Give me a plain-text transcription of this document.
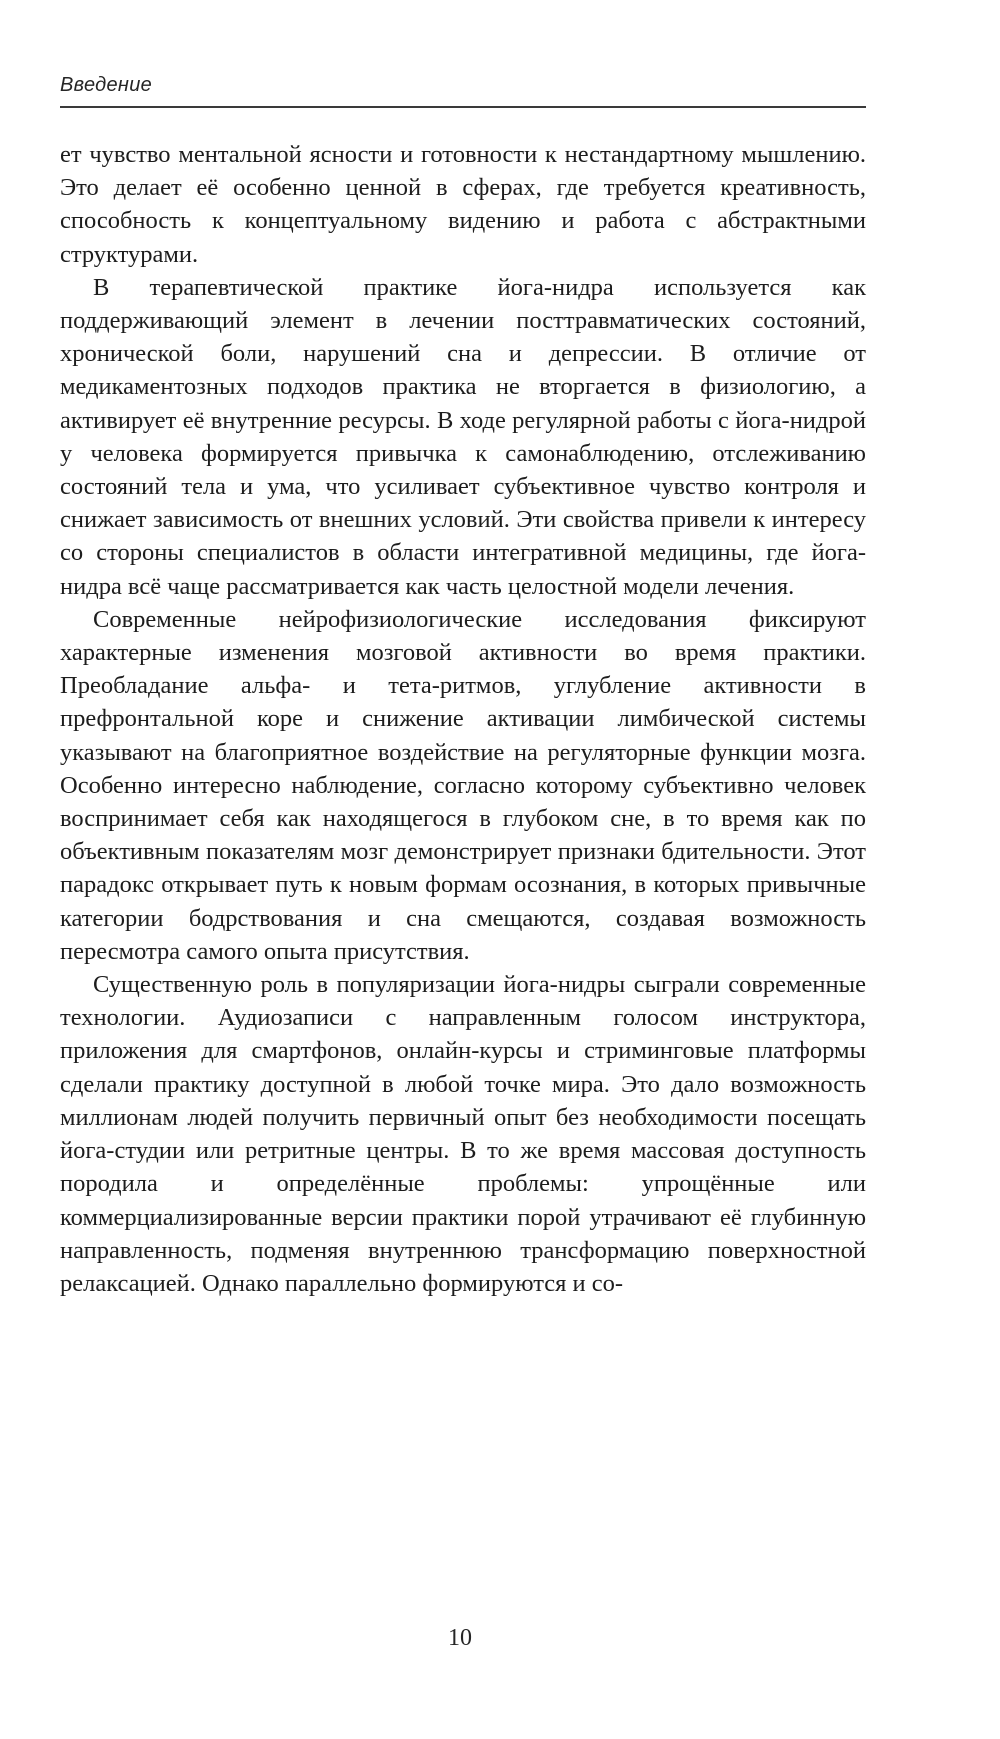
Введение

ет чувство ментальной ясности и готовности к нестандартному мышлению. Это делает её особенно ценной в сферах, где требуется креативность, способность к концептуальному видению и работа с абстрактными структурами.

В терапевтической практике йога-нидра используется как поддерживающий элемент в лечении посттравматических состояний, хронической боли, нарушений сна и депрессии. В отличие от медикаментозных подходов практика не вторгается в физиологию, а активирует её внутренние ресурсы. В ходе регулярной работы с йога-нидрой у человека формируется привычка к самонаблюдению, отслеживанию состояний тела и ума, что усиливает субъективное чувство контроля и снижает зависимость от внешних условий. Эти свойства привели к интересу со стороны специалистов в области интегративной медицины, где йога-нидра всё чаще рассматривается как часть целостной модели лечения.

Современные нейрофизиологические исследования фиксируют характерные изменения мозговой активности во время практики. Преобладание альфа- и тета-ритмов, углубление активности в префронтальной коре и снижение активации лимбической системы указывают на благоприятное воздействие на регуляторные функции мозга. Особенно интересно наблюдение, согласно которому субъективно человек воспринимает себя как находящегося в глубоком сне, в то время как по объективным показателям мозг демонстрирует признаки бдительности. Этот парадокс открывает путь к новым формам осознания, в которых привычные категории бодрствования и сна смещаются, создавая возможность пересмотра самого опыта присутствия.

Существенную роль в популяризации йога-нидры сыграли современные технологии. Аудиозаписи с направленным голосом инструктора, приложения для смартфонов, онлайн-курсы и стриминговые платформы сделали практику доступной в любой точке мира. Это дало возможность миллионам людей получить первичный опыт без необходимости посещать йога-студии или ретритные центры. В то же время массовая доступность породила и определённые проблемы: упрощённые или коммерциализированные версии практики порой утрачивают её глубинную направленность, подменяя внутреннюю трансформацию поверхностной релаксацией. Однако параллельно формируются и со-

10
